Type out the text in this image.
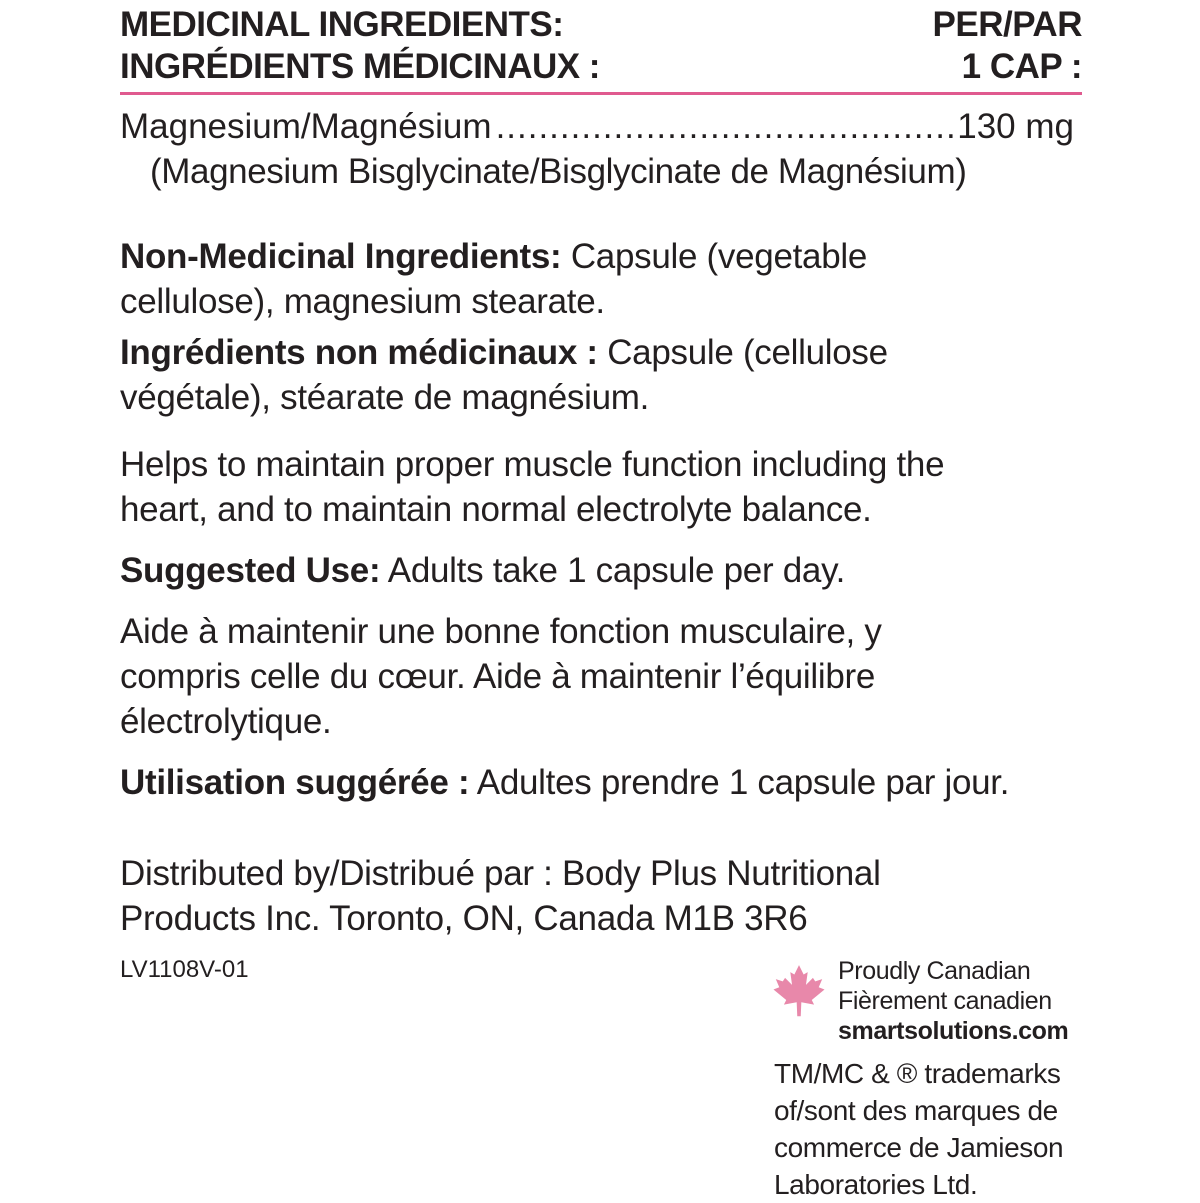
MEDICINAL INGREDIENTS:
INGRÉDIENTS MÉDICINAUX :
PER/PAR
1 CAP :
Magnesium/Magnésium
.....	130 mg
(Magnesium Bisglycinate/Bisglycinate de Magnésium)
Non-Medicinal Ingredients: Capsule (vegetable
cellulose), magnesium stearate.
Ingrédients non médicinaux : Capsule (cellulose
végétale), stéarate de magnésium.
Helps to maintain proper muscle function including the
heart, and to maintain normal electrolyte balance.
Suggested Use: Adults take 1 capsule per day.
Aide à maintenir une bonne fonction musculaire, y
compris celle du cœur. Aide à maintenir l’équilibre
électrolytique.
Utilisation suggérée : Adultes prendre 1 capsule par jour.
Distributed by/Distribué par : Body Plus Nutritional
Products Inc. Toronto, ON, Canada M1B 3R6
LV1108V-01	Proudly Canadian
Fièrement canadien
smartsolutions.com
TM/MC & ® trademarks
of/sont des marques de
commerce de Jamieson
Laboratories Ltd.
